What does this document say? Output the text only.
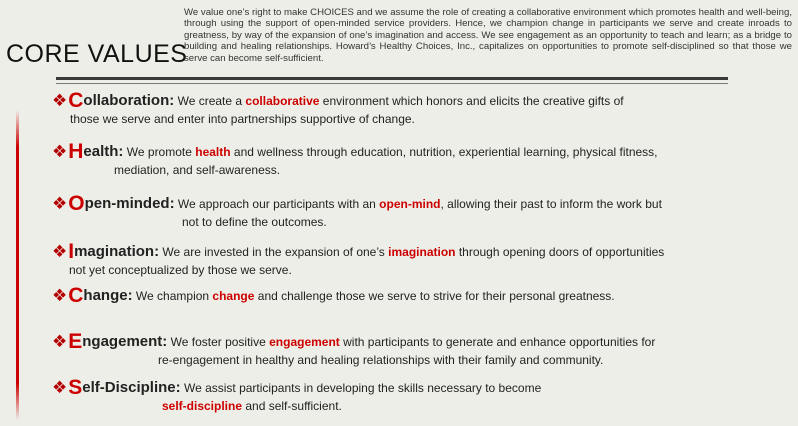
CORE VALUES
We value one’s right to make CHOICES and we assume the role of creating a collaborative environment which promotes health and well-being, through using the support of open-minded service providers. Hence, we champion change in participants we serve and create inroads to greatness, by way of the expansion of one’s imagination and access. We see engagement as an opportunity to teach and learn; as a bridge to building and healing relationships. Howard’s Healthy Choices, Inc., capitalizes on opportunities to promote self-disciplined so that those we serve can become self-sufficient.
❖Collaboration: We create a collaborative environment which honors and elicits the creative gifts of
those we serve and enter into partnerships supportive of change.
❖Health: We promote health and wellness through education, nutrition, experiential learning, physical fitness,
mediation, and self-awareness.
❖Open-minded: We approach our participants with an open-mind, allowing their past to inform the work but
not to define the outcomes.
❖Imagination: We are invested in the expansion of one’s imagination through opening doors of opportunities
not yet conceptualized by those we serve.
❖Change: We champion change and challenge those we serve to strive for their personal greatness.
❖Engagement: We foster positive engagement with participants to generate and enhance opportunities for
re-engagement in healthy and healing relationships with their family and community.
❖Self-Discipline: We assist participants in developing the skills necessary to become
self-discipline and self-sufficient.
